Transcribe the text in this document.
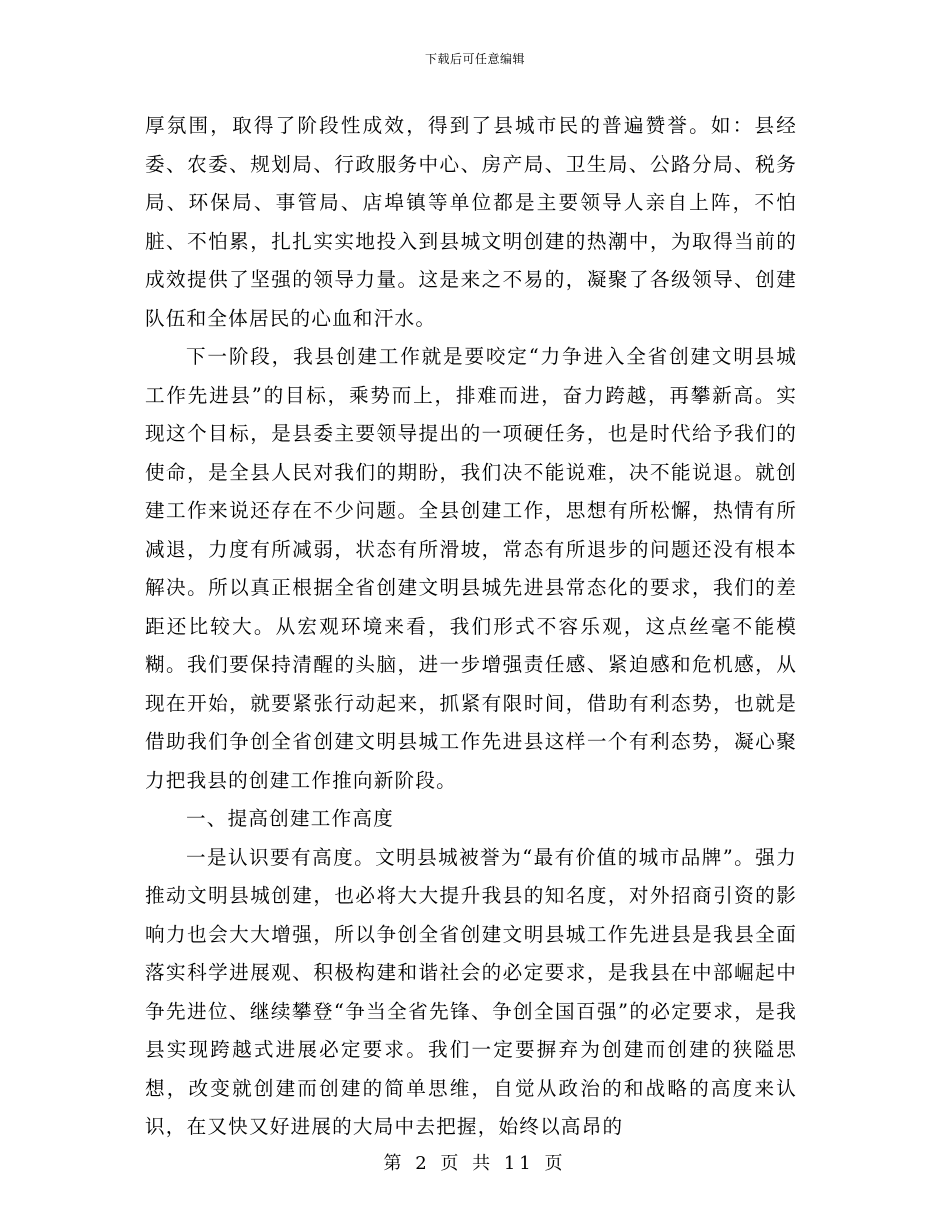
下载后可任意编辑

厚氛围，取得了阶段性成效，得到了县城市民的普遍赞誉。如：县经委、农委、规划局、行政服务中心、房产局、卫生局、公路分局、税务局、环保局、事管局、店埠镇等单位都是主要领导人亲自上阵，不怕脏、不怕累，扎扎实实地投入到县城文明创建的热潮中，为取得当前的成效提供了坚强的领导力量。这是来之不易的，凝聚了各级领导、创建队伍和全体居民的心血和汗水。

下一阶段，我县创建工作就是要咬定“力争进入全省创建文明县城工作先进县”的目标，乘势而上，排难而进，奋力跨越，再攀新高。实现这个目标，是县委主要领导提出的一项硬任务，也是时代给予我们的使命，是全县人民对我们的期盼，我们决不能说难，决不能说退。就创建工作来说还存在不少问题。全县创建工作，思想有所松懈，热情有所减退，力度有所减弱，状态有所滑坡，常态有所退步的问题还没有根本解决。所以真正根据全省创建文明县城先进县常态化的要求，我们的差距还比较大。从宏观环境来看，我们形式不容乐观，这点丝毫不能模糊。我们要保持清醒的头脑，进一步增强责任感、紧迫感和危机感，从现在开始，就要紧张行动起来，抓紧有限时间，借助有利态势，也就是借助我们争创全省创建文明县城工作先进县这样一个有利态势，凝心聚力把我县的创建工作推向新阶段。

一、提高创建工作高度

一是认识要有高度。文明县城被誉为“最有价值的城市品牌”。强力推动文明县城创建，也必将大大提升我县的知名度，对外招商引资的影响力也会大大增强，所以争创全省创建文明县城工作先进县是我县全面落实科学进展观、积极构建和谐社会的必定要求，是我县在中部崛起中争先进位、继续攀登“争当全省先锋、争创全国百强”的必定要求，是我县实现跨越式进展必定要求。我们一定要摒弃为创建而创建的狭隘思想，改变就创建而创建的简单思维，自觉从政治的和战略的高度来认识，在又快又好进展的大局中去把握，始终以高昂的

第 2 页 共 11 页
